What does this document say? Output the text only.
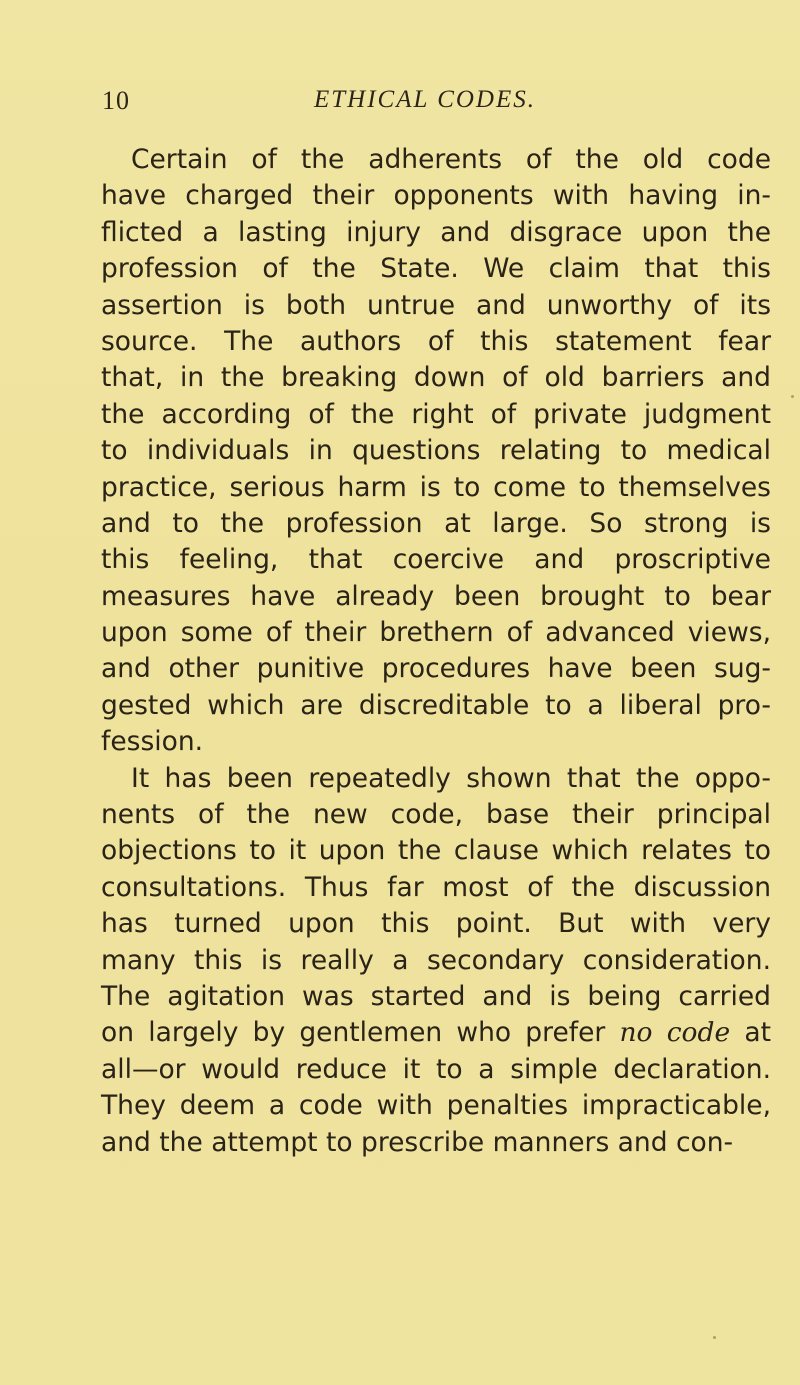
10	ETHICAL CODES.
Certain of the adherents of the old code
have charged their opponents with having in-
flicted a lasting injury and disgrace upon the
profession of the State. We claim that this
assertion is both untrue and unworthy of its
source. The authors of this statement fear
that, in the breaking down of old barriers and
the according of the right of private judgment
to individuals in questions relating to medical
practice, serious harm is to come to themselves
and to the profession at large. So strong is
this feeling, that coercive and proscriptive
measures have already been brought to bear
upon some of their brethern of advanced views,
and other punitive procedures have been sug-
gested which are discreditable to a liberal pro-
fession.
It has been repeatedly shown that the oppo-
nents of the new code, base their principal
objections to it upon the clause which relates to
consultations. Thus far most of the discussion
has turned upon this point. But with very
many this is really a secondary consideration.
The agitation was started and is being carried
on largely by gentlemen who prefer no code at
all—or would reduce it to a simple declaration.
They deem a code with penalties impracticable,
and the attempt to prescribe manners and con-
